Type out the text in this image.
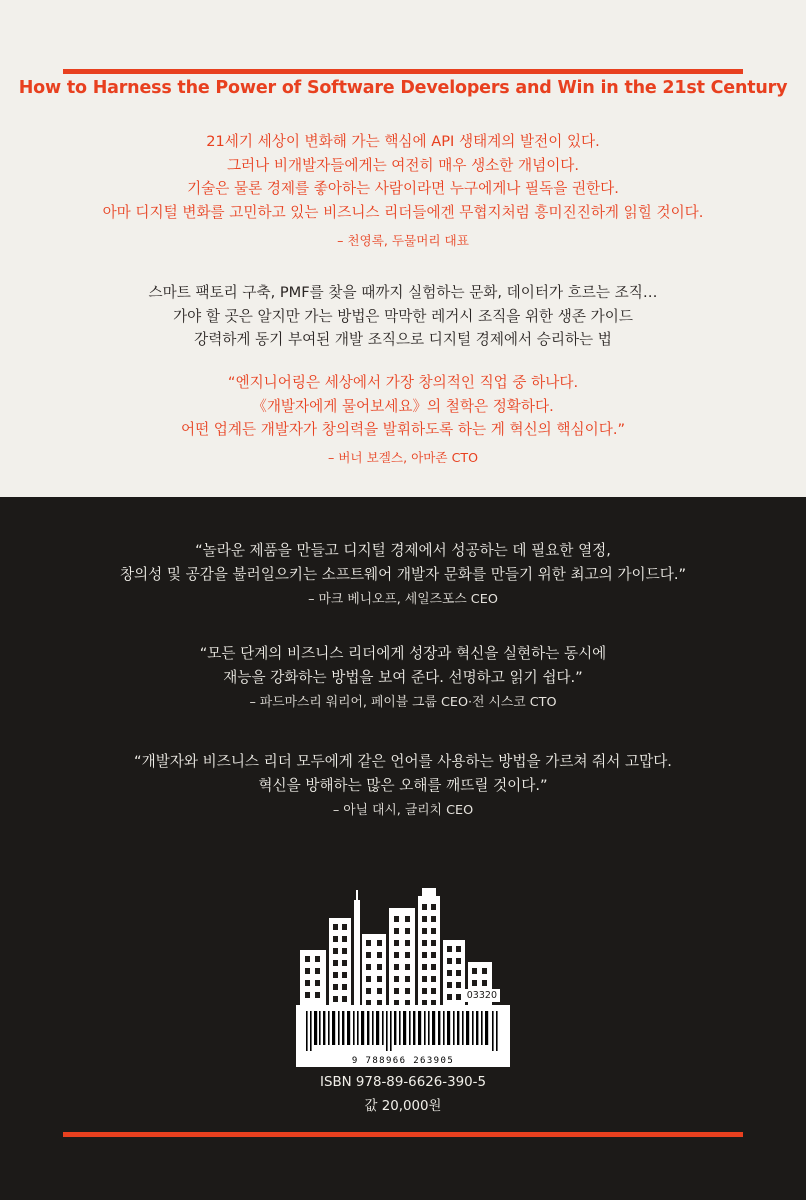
How to Harness the Power of Software Developers and Win in the 21st Century
21세기 세상이 변화해 가는 핵심에 API 생태계의 발전이 있다.
그러나 비개발자들에게는 여전히 매우 생소한 개념이다.
기술은 물론 경제를 좋아하는 사람이라면 누구에게나 필독을 권한다.
아마 디지털 변화를 고민하고 있는 비즈니스 리더들에겐 무협지처럼 흥미진진하게 읽힐 것이다.
– 천영록, 두물머리 대표
스마트 팩토리 구축, PMF를 찾을 때까지 실험하는 문화, 데이터가 흐르는 조직…
가야 할 곳은 알지만 가는 방법은 막막한 레거시 조직을 위한 생존 가이드
강력하게 동기 부여된 개발 조직으로 디지털 경제에서 승리하는 법
“엔지니어링은 세상에서 가장 창의적인 직업 중 하나다.
《개발자에게 물어보세요》의 철학은 정확하다.
어떤 업계든 개발자가 창의력을 발휘하도록 하는 게 혁신의 핵심이다.”
– 버너 보겔스, 아마존 CTO
“놀라운 제품을 만들고 디지털 경제에서 성공하는 데 필요한 열정,
창의성 및 공감을 불러일으키는 소프트웨어 개발자 문화를 만들기 위한 최고의 가이드다.”
– 마크 베니오프, 세일즈포스 CEO
“모든 단계의 비즈니스 리더에게 성장과 혁신을 실현하는 동시에
재능을 강화하는 방법을 보여 준다. 선명하고 읽기 쉽다.”
– 파드마스리 워리어, 페이블 그룹 CEO·전 시스코 CTO
“개발자와 비즈니스 리더 모두에게 같은 언어를 사용하는 방법을 가르쳐 줘서 고맙다.
혁신을 방해하는 많은 오해를 깨뜨릴 것이다.”
– 아닐 대시, 글리치 CEO
03320
9 788966 263905
ISBN 978-89-6626-390-5
값 20,000원
